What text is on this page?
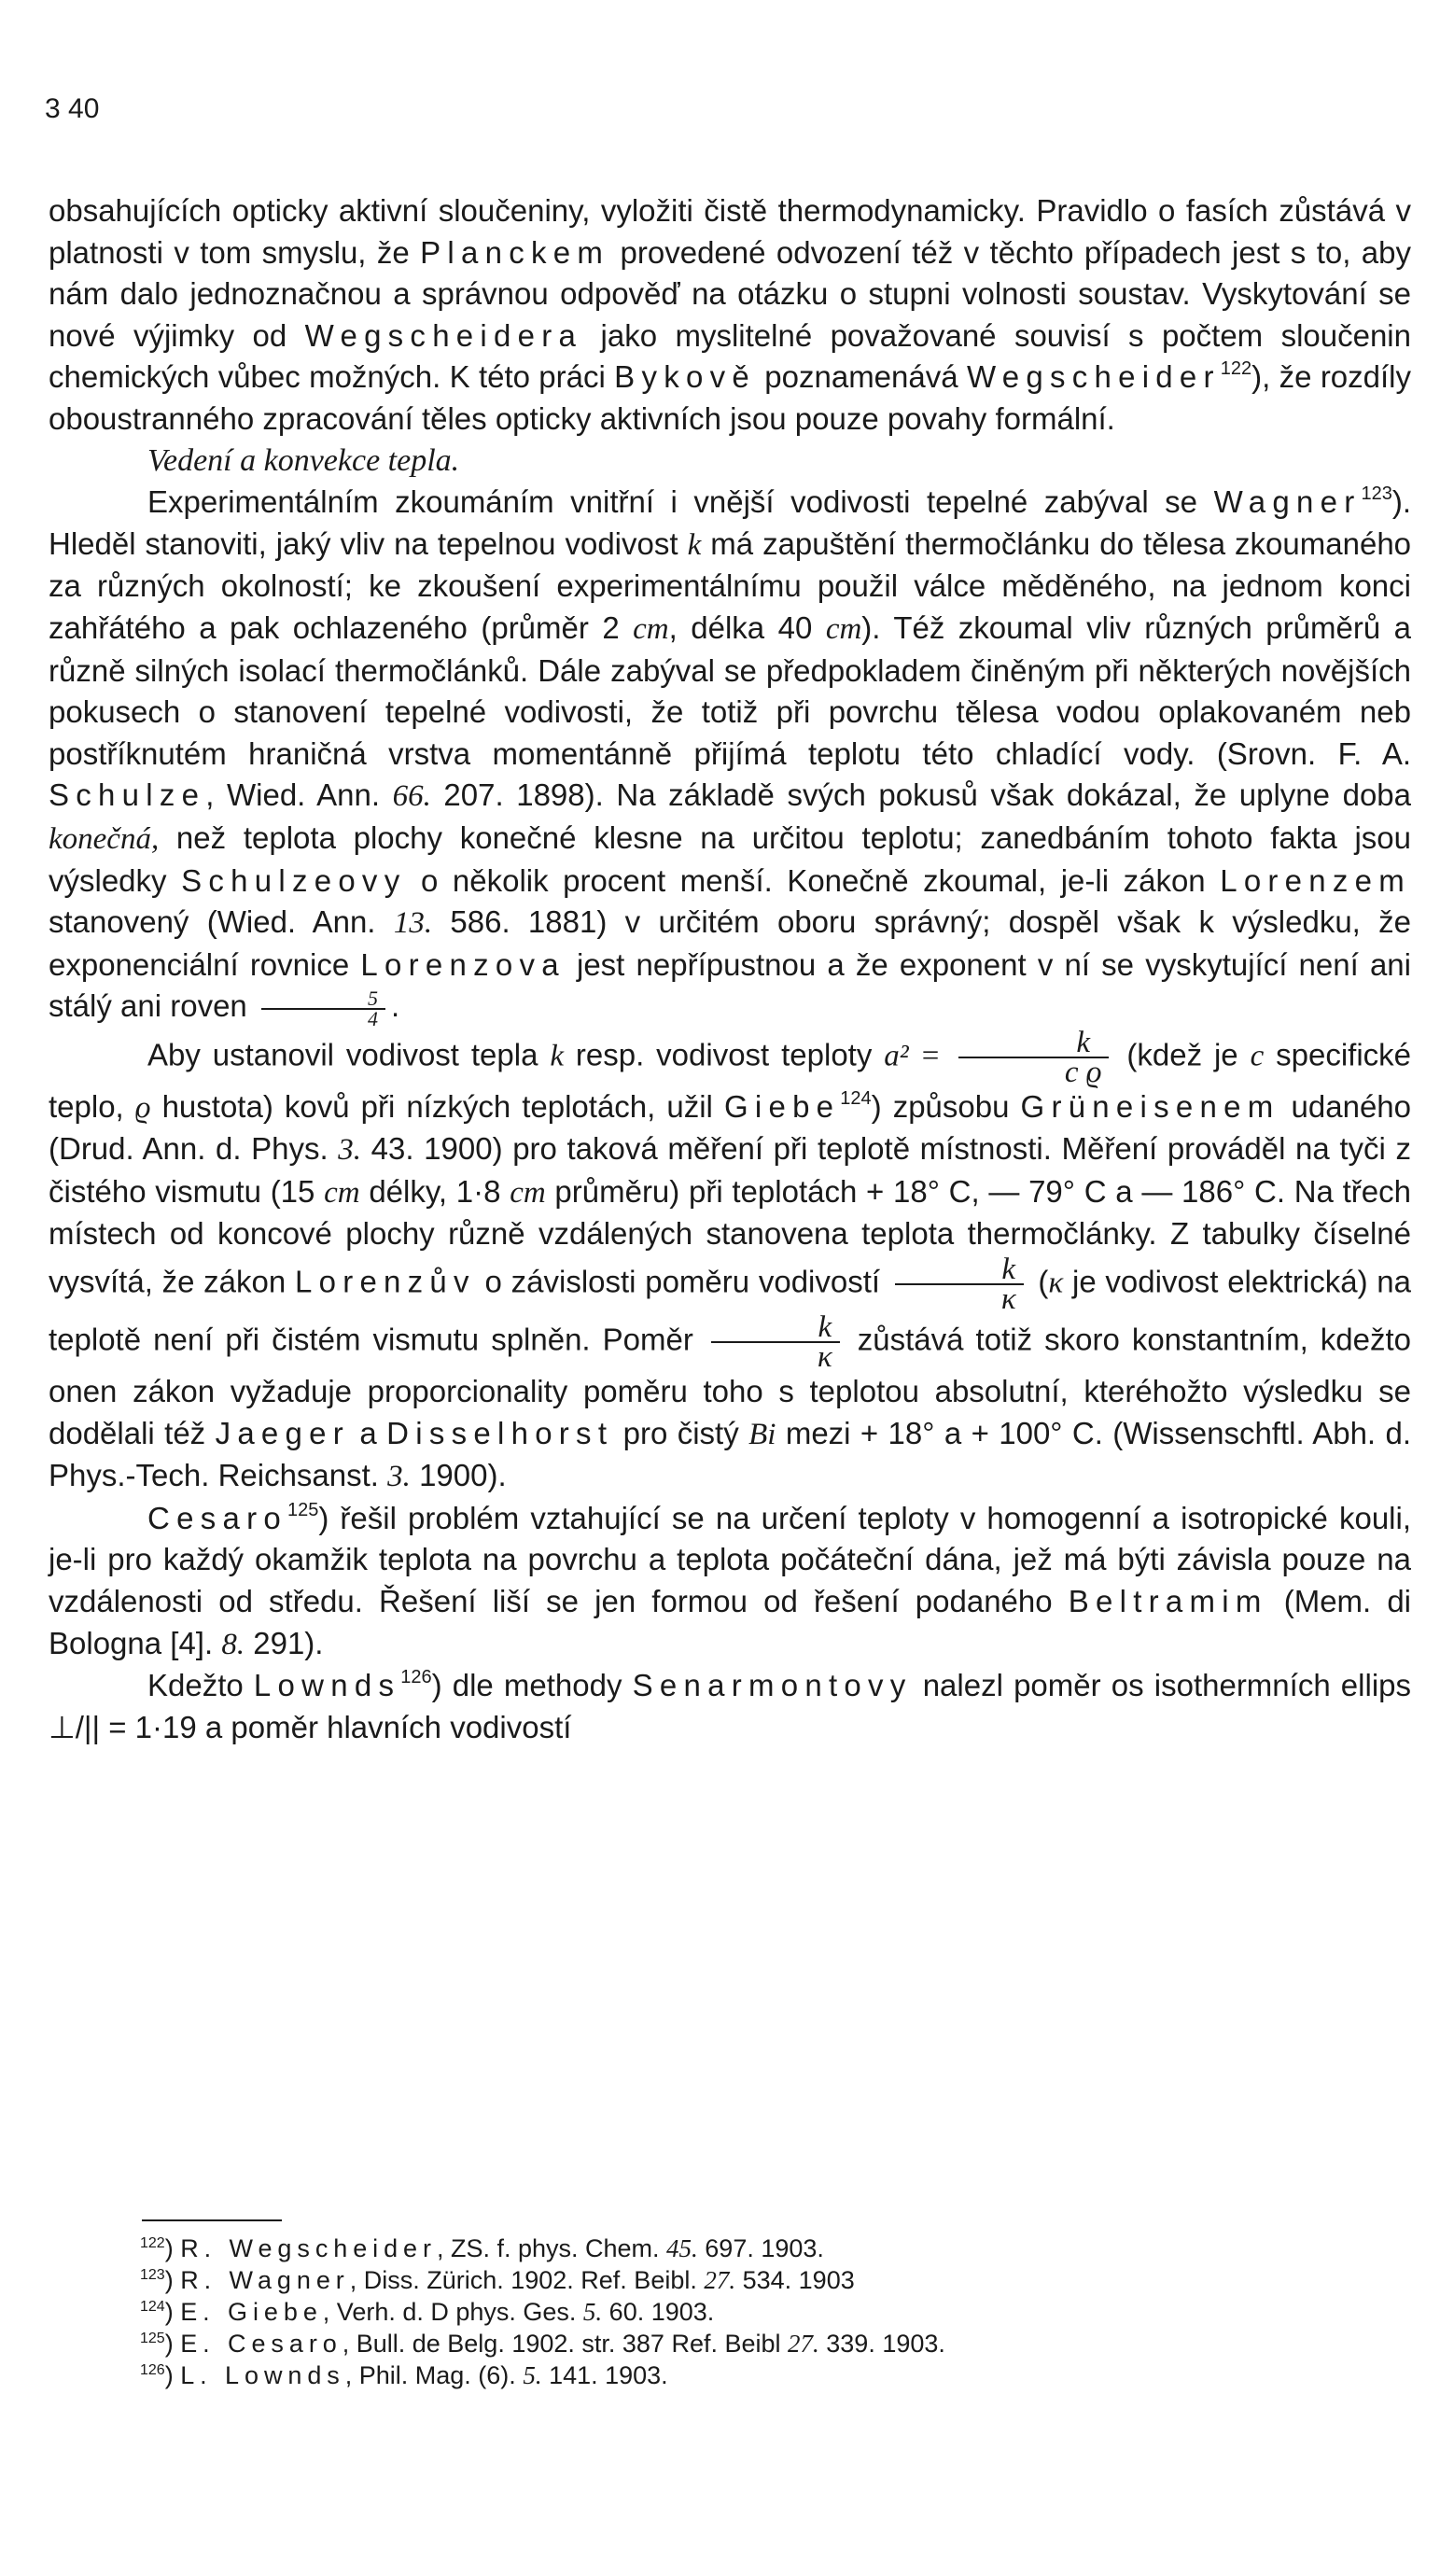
3 40

obsahujících opticky aktivní sloučeniny, vyložiti čistě thermodynamicky. Pravidlo o fasích zůstává v platnosti v tom smyslu, že Planckem provedené odvození též v těchto případech jest s to, aby nám dalo jednoznačnou a správnou odpověď na otázku o stupni volnosti soustav. Vyskytování se nové výjimky od Wegscheidera jako myslitelné považované souvisí s počtem sloučenin chemických vůbec možných. K této práci Bykově poznamenává Wegscheider$^{122}$), že rozdíly oboustranného zpracování těles opticky aktivních jsou pouze povahy formální.

Vedení a konvekce tepla.

Experimentálním zkoumáním vnitřní i vnější vodivosti tepelné zabýval se Wagner$^{123}$). Hleděl stanoviti, jaký vliv na tepelnou vodivost k má zapuštění thermočlánku do tělesa zkoumaného za různých okolností; ke zkoušení experimentálnímu použil válce měděného, na jednom konci zahřátého a pak ochlazeného (průměr 2 cm, délka 40 cm). Též zkoumal vliv různých průměrů a různě silných isolací thermočlánků. Dále zabýval se předpokladem činěným při některých novějších pokusech o stanovení tepelné vodivosti, že totiž při povrchu tělesa vodou oplakovaném neb postříknutém hraničná vrstva momentánně přijímá teplotu této chladící vody. (Srovn. F. A. Schulze, Wied. Ann. 66. 207. 1898). Na základě svých pokusů však dokázal, že uplyne doba konečná, než teplota plochy konečné klesne na určitou teplotu; zanedbáním tohoto fakta jsou výsledky Schulzeovy o několik procent menší. Konečně zkoumal, je-li zákon Lorenzem stanovený (Wied. Ann. 13. 586. 1881) v určitém oboru správný; dospěl však k výsledku, že exponenciální rovnice Lorenzova jest nepřípustnou a že exponent v ní se vyskytující není ani stálý ani roven $\frac{5}{4}$ .

Aby ustanovil vodivost tepla k resp. vodivost teploty $a^2 = \frac{k}{\text{c ϱ}}$ (kdež je c specifické teplo, ϱ hustota) kovů při nízkých teplotách, užil Giebe$^{124}$) způsobu Grüneisenem udaného (Drud. Ann. d. Phys. 3. 43. 1900) pro taková měření při teplotě místnosti. Měření prováděl na tyči z čistého vismutu (15 cm délky, 1·8 cm průměru) při teplotách + 18° C, — 79° C a — 186° C. Na třech místech od koncové plochy různě vzdálených stanovena teplota thermočlánky. Z tabulky číselné vysvítá, že zákon Lorenzův o závislosti poměru vodivostí $\frac{k}{\kappa} (\kappa$ je vodivost elektrická) na teplotě není při čistém vismutu splněn. Poměr $\frac{k}{\kappa}$ zůstává totiž skoro konstantním, kdežto onen zákon vyžaduje proporcionality poměru toho s teplotou absolutní, kteréhožto výsledku se dodělali též Jaeger a Disselhorst pro čistý Bi mezi + 18° a + 100° C. (Wissenschftl. Abh. d. Phys.-Tech. Reichsanst. 3. 1900).

Cesaro$^{125}$) řešil problém vztahující se na určení teploty v homogenní a isotropické kouli, je-li pro každý okamžik teplota na povrchu a teplota počáteční dána, jež má býti závisla pouze na vzdálenosti od středu. Řešení liší se jen formou od řešení podaného Beltramim (Mem. di Bologna [4]. 8. 291).

Kdežto Lownds$^{126}$) dle methody Senarmontovy nalezl poměr os isothermních ellips ⊥/|| = 1·19 a poměr hlavních vodivostí

$^{122}$) R. Wegscheider, ZS. f. phys. Chem. 45. 697. 1903.
$^{123}$) R. Wagner, Diss. Zürich. 1902. Ref. Beibl. 27. 534. 1903
$^{124}$) E. Giebe, Verh. d. D phys. Ges. 5. 60. 1903.
$^{125}$) E. Cesaro, Bull. de Belg. 1902. str. 387 Ref. Beibl 27. 339. 1903.
$^{126}$) L. Lownds, Phil. Mag. (6). 5. 141. 1903.
